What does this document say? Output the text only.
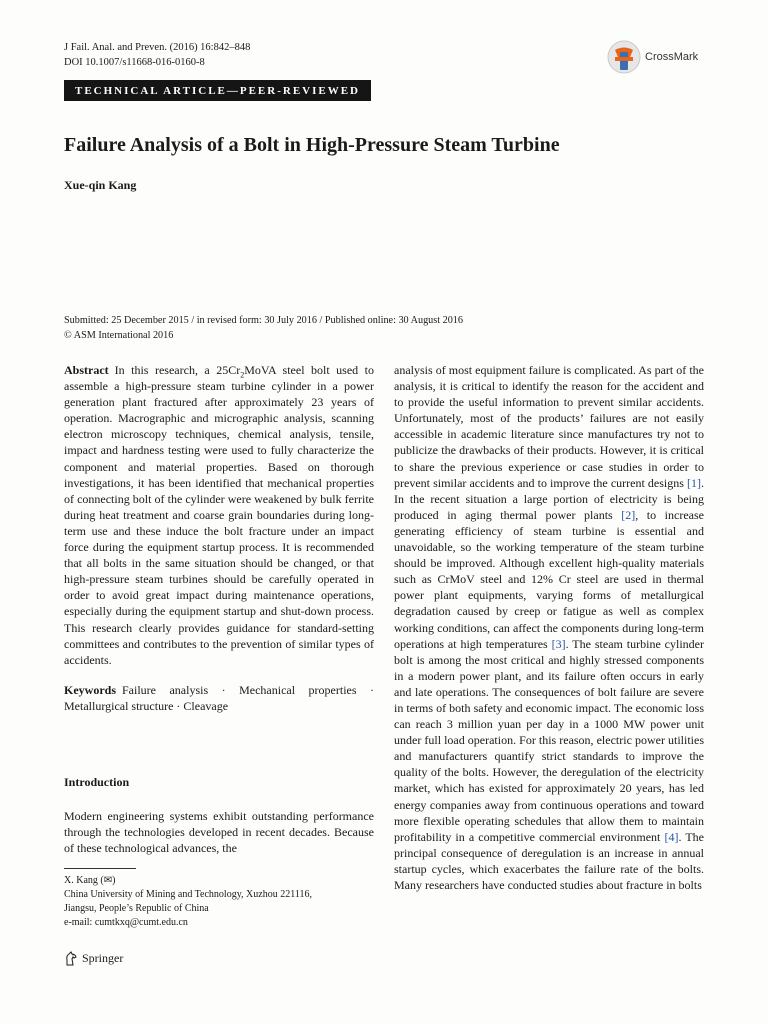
J Fail. Anal. and Preven. (2016) 16:842–848
DOI 10.1007/s11668-016-0160-8	CrossMark
TECHNICAL ARTICLE—PEER-REVIEWED
Failure Analysis of a Bolt in High-Pressure Steam Turbine
Xue-qin Kang
Submitted: 25 December 2015 / in revised form: 30 July 2016 / Published online: 30 August 2016
© ASM International 2016

Abstract In this research, a $25Cr_2MoVA$ steel bolt used to assemble a high-pressure steam turbine cylinder in a power generation plant fractured after approximately 23 years of operation. Macrographic and micrographic analysis, scanning electron microscopy techniques, chemical analysis, tensile, impact and hardness testing were used to fully characterize the component and material properties. Based on thorough investigations, it has been identified that mechanical properties of connecting bolt of the cylinder were weakened by bulk ferrite during heat treatment and coarse grain boundaries during long-term use and these induce the bolt fracture under an impact force during the equipment startup process. It is recommended that all bolts in the same situation should be changed, or that high-pressure steam turbines should be carefully operated in order to avoid great impact during maintenance operations, especially during the equipment startup and shut-down process. This research clearly provides guidance for standard-setting committees and contributes to the prevention of similar types of accidents.

Keywords Failure analysis · Mechanical properties · Metallurgical structure · Cleavage

Introduction

Modern engineering systems exhibit outstanding performance through the technologies developed in recent decades. Because of these technological advances, the

analysis of most equipment failure is complicated. As part of the analysis, it is critical to identify the reason for the accident and to provide the useful information to prevent similar accidents. Unfortunately, most of the products’ failures are not easily accessible in academic literature since manufactures try not to publicize the drawbacks of their products. However, it is critical to share the previous experience or case studies in order to prevent similar accidents and to improve the current designs [1]. In the recent situation a large portion of electricity is being produced in aging thermal power plants [2], to increase generating efficiency of steam turbine is essential and unavoidable, so the working temperature of the steam turbine should be improved. Although excellent high-quality materials such as CrMoV steel and 12% Cr steel are used in thermal power plant equipments, varying forms of metallurgical degradation caused by creep or fatigue as well as complex working conditions, can affect the components during long-term operations at high temperatures [3]. The steam turbine cylinder bolt is among the most critical and highly stressed components in a modern power plant, and its failure often occurs in early and late operations. The consequences of bolt failure are severe in terms of both safety and economic impact. The economic loss can reach 3 million yuan per day in a 1000 MW power unit under full load operation. For this reason, electric power utilities and manufacturers quantify strict standards to improve the quality of the bolts. However, the deregulation of the electricity market, which has existed for approximately 20 years, has led energy companies away from continuous operations and toward more flexible operating schedules that allow them to maintain profitability in a competitive commercial environment [4]. The principal consequence of deregulation is an increase in annual startup cycles, which exacerbates the failure rate of the bolts. Many researchers have conducted studies about fracture in bolts

X. Kang (✉)
China University of Mining and Technology, Xuzhou 221116,
Jiangsu, People’s Republic of China
e-mail: cumtkxq@cumt.edu.cn
Springer
